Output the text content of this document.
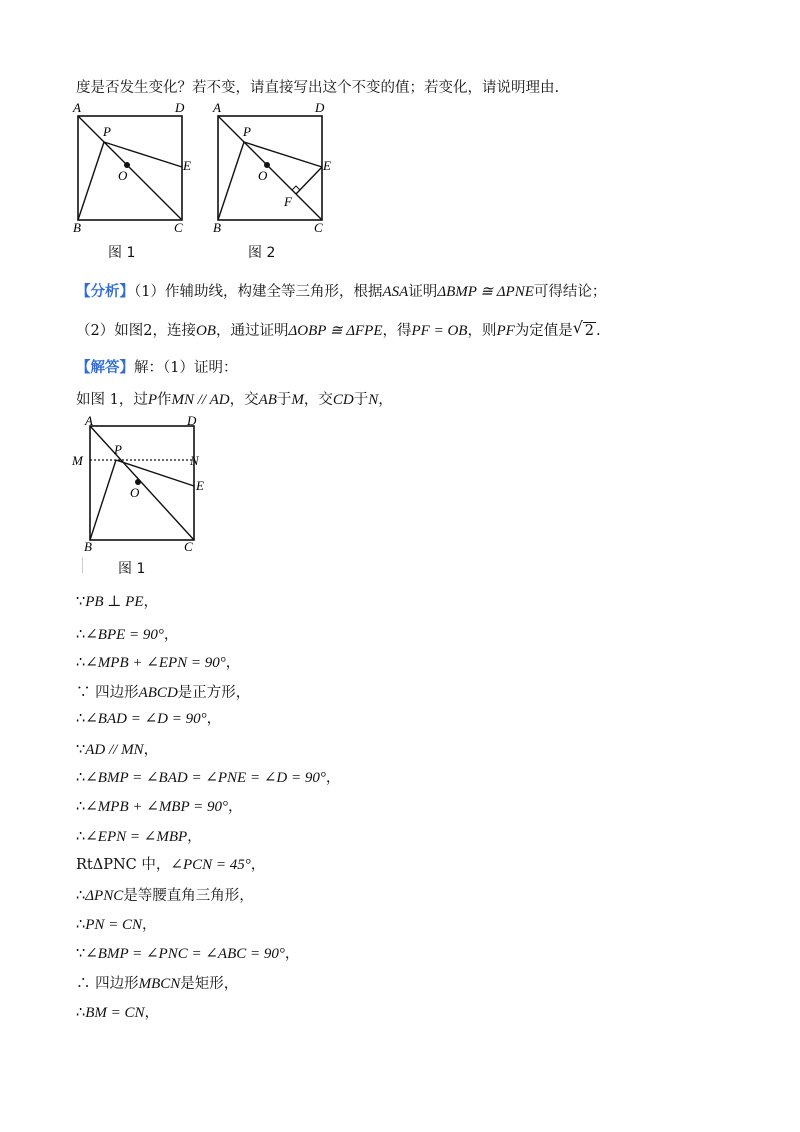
度是否发生变化？若不变，请直接写出这个不变的值；若变化，请说明理由.
A	D
P
O
E
B	C
图 1
A	D
P
O
E
F
B	C
图 2
【分析】（1）作辅助线，构建全等三角形，根据ASA证明ΔBMP ≅ ΔPNE可得结论；
（2）如图2，连接OB，通过证明ΔOBP ≅ ΔFPE，得PF = OB，则PF为定值是 √ 2 .
【解答】解：（1）证明：
如图 1，过P作MN // AD，交AB于M，交CD于N，
A	D
M
P
N
E
O
B	C
图 1
∵PB ⊥ PE，
∴∠BPE = 90°，
∴∠MPB + ∠EPN = 90°，
∵ 四边形ABCD是正方形，
∴∠BAD = ∠D = 90°，
∵AD // MN，
∴∠BMP = ∠BAD = ∠PNE = ∠D = 90°，
∴∠MPB + ∠MBP = 90°，
∴∠EPN = ∠MBP，
RtΔPNC 中，∠PCN = 45°，
∴ΔPNC是等腰直角三角形，
∴PN = CN，
∵∠BMP = ∠PNC = ∠ABC = 90°，
∴ 四边形MBCN是矩形，
∴BM = CN，
